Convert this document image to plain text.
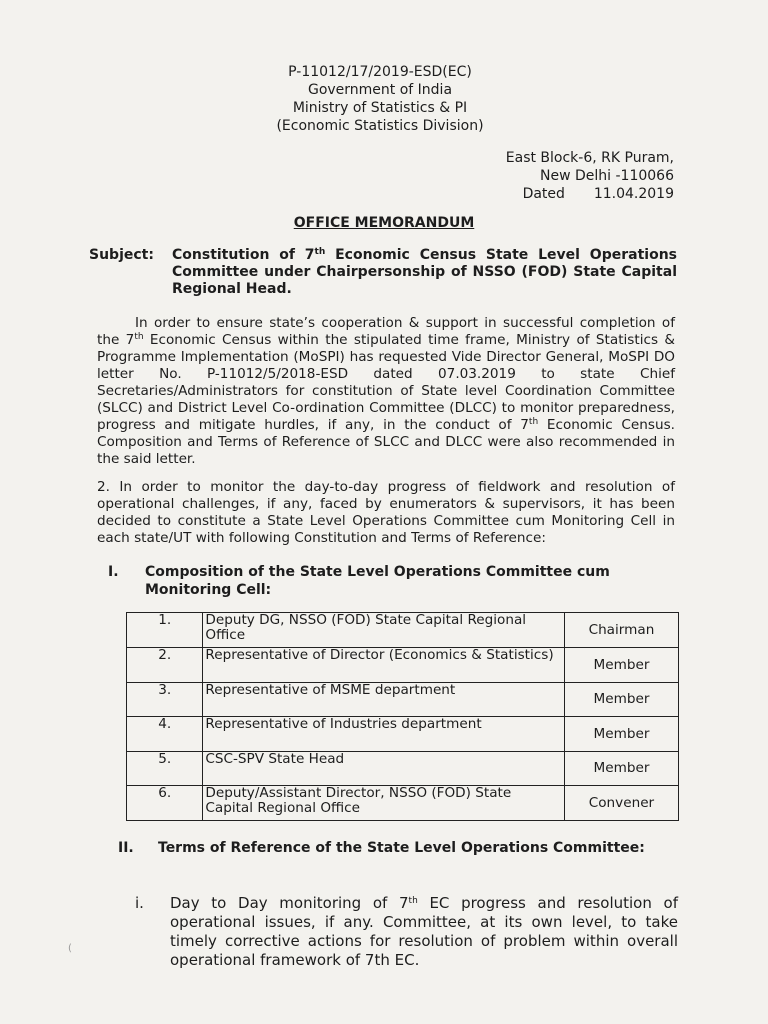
P-11012/17/2019-ESD(EC)
Government of India
Ministry of Statistics & PI
(Economic Statistics Division)
East Block-6, RK Puram,
New Delhi -110066
Dated 11.04.2019
OFFICE MEMORANDUM
Subject: Constitution of 7th Economic Census State Level Operations Committee under Chairpersonship of NSSO (FOD) State Capital Regional Head.
In order to ensure state’s cooperation & support in successful completion of the 7th Economic Census within the stipulated time frame, Ministry of Statistics & Programme Implementation (MoSPI) has requested Vide Director General, MoSPI DO letter No. P-11012/5/2018-ESD dated 07.03.2019 to state Chief Secretaries/Administrators for constitution of State level Coordination Committee (SLCC) and District Level Co-ordination Committee (DLCC) to monitor preparedness, progress and mitigate hurdles, if any, in the conduct of 7th Economic Census. Composition and Terms of Reference of SLCC and DLCC were also recommended in the said letter.
2. In order to monitor the day-to-day progress of fieldwork and resolution of operational challenges, if any, faced by enumerators & supervisors, it has been decided to constitute a State Level Operations Committee cum Monitoring Cell in each state/UT with following Constitution and Terms of Reference:
I. Composition of the State Level Operations Committee cum Monitoring Cell:
1.	Deputy DG, NSSO (FOD) State Capital Regional Office	Chairman
2.	Representative of Director (Economics & Statistics)	Member
3.	Representative of MSME department	Member
4.	Representative of Industries department	Member
5.	CSC-SPV State Head	Member
6.	Deputy/Assistant Director, NSSO (FOD) State Capital Regional Office	Convener
II. Terms of Reference of the State Level Operations Committee:
i. Day to Day monitoring of 7th EC progress and resolution of operational issues, if any. Committee, at its own level, to take timely corrective actions for resolution of problem within overall operational framework of 7th EC.
(
